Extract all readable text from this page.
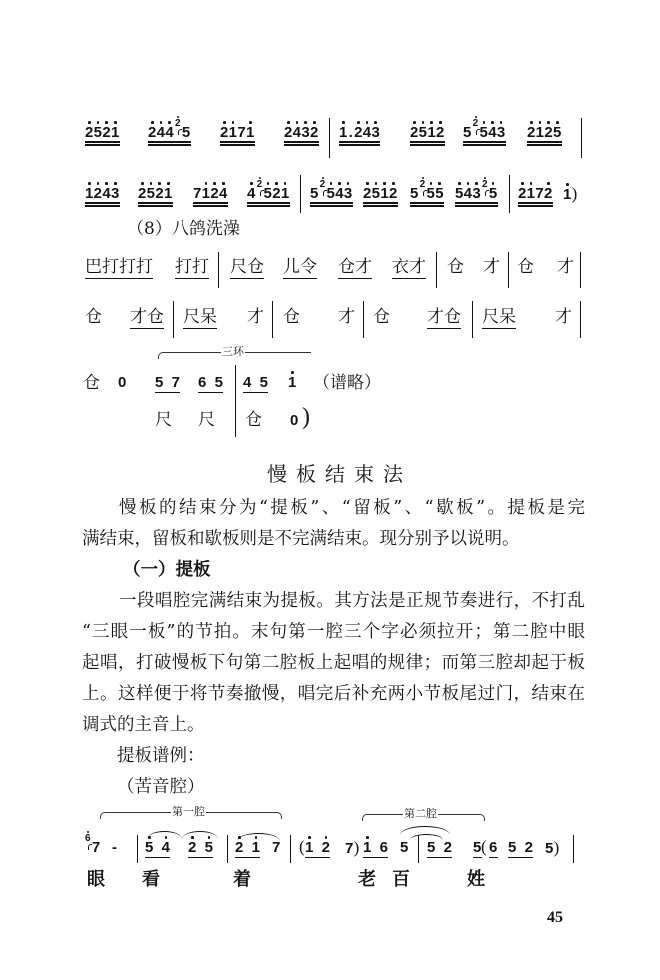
2521 24425 2171 2432 1.243 2512 52543 2125
1243 2521 7124 42521 52543 2512 5255 54325 2172 1)
（8）八鸽洗澡
巴打打打 打打 尺仓 儿令 仓才 衣才 仓 才 仓 才
仓 才仓 尺呆 才 仓 才 仓 才仓 尺呆 才
三环
仓 0 5 7 6 5 4 5 1 （谱略）
尺 尺 仓 0 )
慢板结束法
慢板的结束分为“提板”、“留板”、“歇板”。提板是完
满结束，留板和歇板则是不完满结束。现分别予以说明。
（一）提板
一段唱腔完满结束为提板。其方法是正规节奏进行，不打乱
“三眼一板”的节拍。末句第一腔三个字必须拉开；第二腔中眼
起唱，打破慢板下句第二腔板上起唱的规律；而第三腔却起于板
上。这样便于将节奏撤慢，唱完后补充两小节板尾过门，结束在
调式的主音上。
提板谱例：
（苦音腔）
第一腔	第二腔
67 - 5 4 2 5 2 1 7 ( 1 2 7) 1 6 5 5 2 5 ( 6 5 2 5)
眼 看	着	老 百	姓
45
